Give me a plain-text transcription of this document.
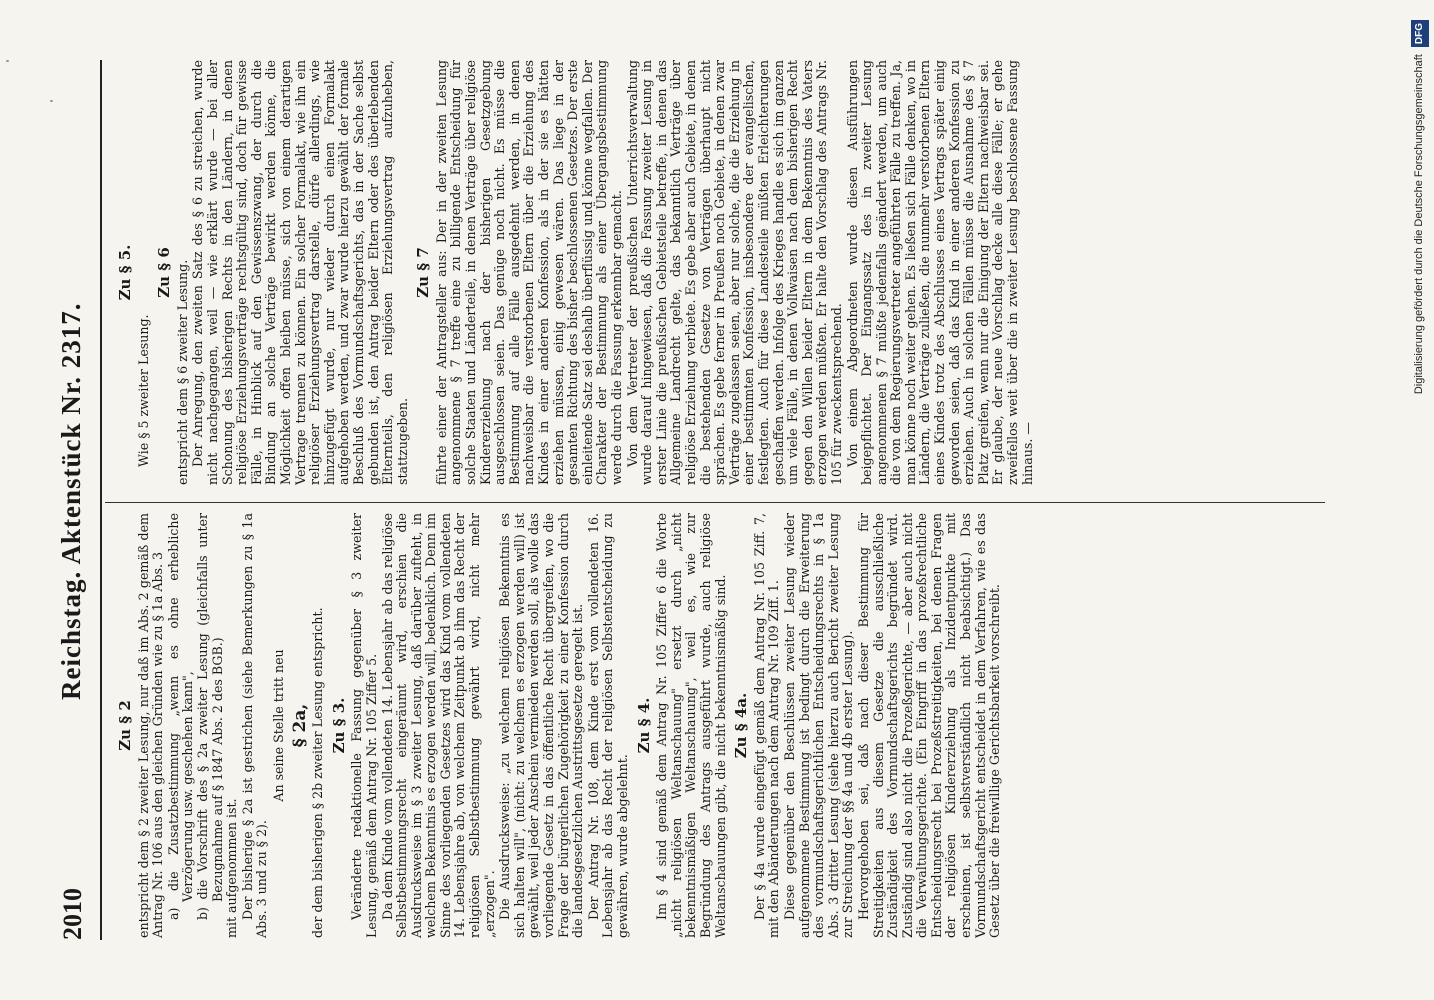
2010
Reichstag. Aktenstück Nr. 2317.
Zu § 2 entspricht dem § 2 zweiter Lesung, nur daß im Abs. 2 gemäß dem Antrag Nr. 106 aus den gleichen Gründen wie zu § 1a Abs. 3 a) die Zusatzbestimmung „wenn es ohne erhebliche Verzögerung usw. geschehen kann", b) die Vorschrift des § 2a zweiter Lesung (gleichfalls unter Bezugnahme auf § 1847 Abs. 2 des BGB.) mit aufgenommen ist. Der bisherige § 2a ist gestrichen (siehe Bemerkungen zu § 1a Abs. 3 und zu § 2).

An seine Stelle tritt neu § 2a, der dem bisherigen § 2b zweiter Lesung entspricht. Zu § 3. Veränderte redaktionelle Fassung gegenüber § 3 zweiter Lesung, gemäß dem Antrag Nr. 105 Ziffer 5. Da dem Kinde vom vollendeten 14. Lebensjahr ab das religiöse Selbstbestimmungsrecht eingeräumt wird, erschien die Ausdrucksweise im § 3 zweiter Lesung, daß darüber zufteht, in welchem Bekenntnis es erzogen werden will, bedenklich. Denn im Sinne des vorliegenden Gesetzes wird das Kind vom vollendeten 14. Lebensjahre ab, von welchem Zeitpunkt ab ihm das Recht der religiösen Selbstbestimmung gewährt wird, nicht mehr „erzogen". Die Ausdrucksweise: „zu welchem religiösen Bekenntnis es sich halten will", (nicht: zu welchem es erzogen werden will) ist gewählt, weil jeder Anschein vermieden werden soll, als wolle das vorliegende Gesetz in das öffentliche Recht übergreifen, wo die Frage der bürgerlichen Zugehörigkeit zu einer Konfession durch die landesgesetzlichen Austrittsgesetze geregelt ist. Der Antrag Nr. 108, dem Kinde erst vom vollendeten 16. Lebensjahr ab das Recht der religiösen Selbstentscheidung zu gewähren, wurde abgelehnt.

Zu § 4. Im § 4 sind gemäß dem Antrag Nr. 105 Ziffer 6 die Worte „nicht religiösen Weltanschauung" ersetzt durch „nicht bekenntnismäßigen Weltanschauung", weil es, wie zur Begründung des Antrags ausgeführt wurde, auch religiöse Weltanschauungen gibt, die nicht bekenntnismäßig sind. Zu § 4a. Der § 4a wurde eingefügt gemäß dem Antrag Nr. 105 Ziff. 7, mit den Abänderungen nach dem Antrag Nr. 109 Ziff. 1. Diese gegenüber den Beschlüssen zweiter Lesung wieder aufgenommene Bestimmung ist bedingt durch die Erweiterung des vormundschaftsgerichtlichen Entscheidungsrechts in § 1a Abs. 3 dritter Lesung (siehe hierzu auch Bericht zweiter Lesung zur Streichung der §§ 4a und 4b erster Lesung). Hervorgehoben sei, daß nach dieser Bestimmung für Streitigkeiten aus diesem Gesetze die ausschließliche Zuständigkeit des Vormundschaftsgerichts begründet wird. Zuständig sind also nicht die Prozeßgerichte, — aber auch nicht die Verwaltungsgerichte. (Ein Eingriff in das prozeßrechtliche Entscheidungsrecht bei Prozeßstreitigkeiten, bei denen Fragen der religiösen Kindererziehung als Inzidentpunkte mit erscheinen, ist selbstverständlich nicht beabsichtigt.) Das Vormundschaftsgericht entscheidet in dem Verfahren, wie es das Gesetz über die freiwillige Gerichtsbarkeit vorschreibt.

Zu § 5.

Wie § 5 zweiter Lesung.

Zu § 6 entspricht dem § 6 zweiter Lesung. Der Anregung, den zweiten Satz des § 6 zu streichen, wurde nicht nachgegangen, weil — wie erklärt wurde — bei aller Schonung des bisherigen Rechts in den Ländern, in denen religiöse Erziehungsverträge rechtsgültig sind, doch für gewisse Fälle, in Hinblick auf den Gewissenszwang, der durch die Bindung an solche Verträge bewirkt werden könne, die Möglichkeit offen bleiben müsse, sich von einem derartigen Vertrage trennen zu können. Ein solcher Formalakt, wie ihn ein religiöser Erziehungsvertrag darstelle, dürfe allerdings, wie hinzugefügt wurde, nur wieder durch einen Formalakt aufgehoben werden, und zwar wurde hierzu gewählt der formale Beschluß des Vormundschaftsgerichts, das in der Sache selbst gebunden ist, den Antrag beider Eltern oder des überlebenden Elternteils, den religiösen Erziehungsvertrag aufzuheben, stattzugeben.

Zu § 7 führte einer der Antragsteller aus: Der in der zweiten Lesung angenommene § 7 treffe eine zu billigende Entscheidung für solche Staaten und Länderteile, in denen Verträge über religiöse Kindererziehung nach der bisherigen Gesetzgebung ausgeschlossen seien. Das genüge noch nicht. Es müsse die Bestimmung auf alle Fälle ausgedehnt werden, in denen nachweisbar die verstorbenen Eltern über die Erziehung des Kindes in einer anderen Konfession, als in der sie es hätten erziehen müssen, einig gewesen wären. Das liege in der gesamten Richtung des bisher beschlossenen Gesetzes. Der erste einleitende Satz sei deshalb überflüssig und könne wegfallen. Der Charakter der Bestimmung als einer Übergangsbestimmung werde durch die Fassung erkennbar gemacht. Von dem Vertreter der preußischen Unterrichtsverwaltung wurde darauf hingewiesen, daß die Fassung zweiter Lesung in erster Linie die preußischen Gebietsteile betreffe, in denen das Allgemeine Landrecht gelte, das bekanntlich Verträge über religiöse Erziehung verbiete. Es gebe aber auch Gebiete, in denen die bestehenden Gesetze von Verträgen überhaupt nicht sprächen. Es gebe ferner in Preußen noch Gebiete, in denen zwar Verträge zugelassen seien, aber nur solche, die die Erziehung in einer bestimmten Konfession, insbesondere der evangelischen, festlegten. Auch für diese Landesteile müßten Erleichterungen geschaffen werden. Infolge des Krieges handle es sich im ganzen um viele Fälle, in denen Vollwaisen nach dem bisherigen Recht gegen den Willen beider Eltern in dem Bekenntnis des Vaters erzogen werden müßten. Er halte den Vorschlag des Antrags Nr. 105 für zweckentsprechend. Von einem Abgeordneten wurde diesen Ausführungen beigepflichtet. Der Eingangssatz des in zweiter Lesung angenommenen § 7 müßte jedenfalls geändert werden, um auch die von dem Regierungsvertreter angeführten Fälle zu treffen. Ja, man könne noch weiter gehen. Es ließen sich Fälle denken, wo in Ländern, die Verträge zuließen, die nunmehr verstorbenen Eltern eines Kindes trotz des Abschlusses eines Vertrags später einig geworden seien, daß das Kind in einer anderen Konfession zu erziehen. Auch in solchen Fällen müsse die Ausnahme des § 7 Platz greifen, wenn nur die Einigung der Eltern nachweisbar sei. Er glaube, der neue Vorschlag decke alle diese Fälle; er gehe zweifellos weit über die in zweiter Lesung beschlossene Fassung hinaus. —

Digitalisierung gefördert durch die Deutsche Forschungsgemeinschaft DFG
